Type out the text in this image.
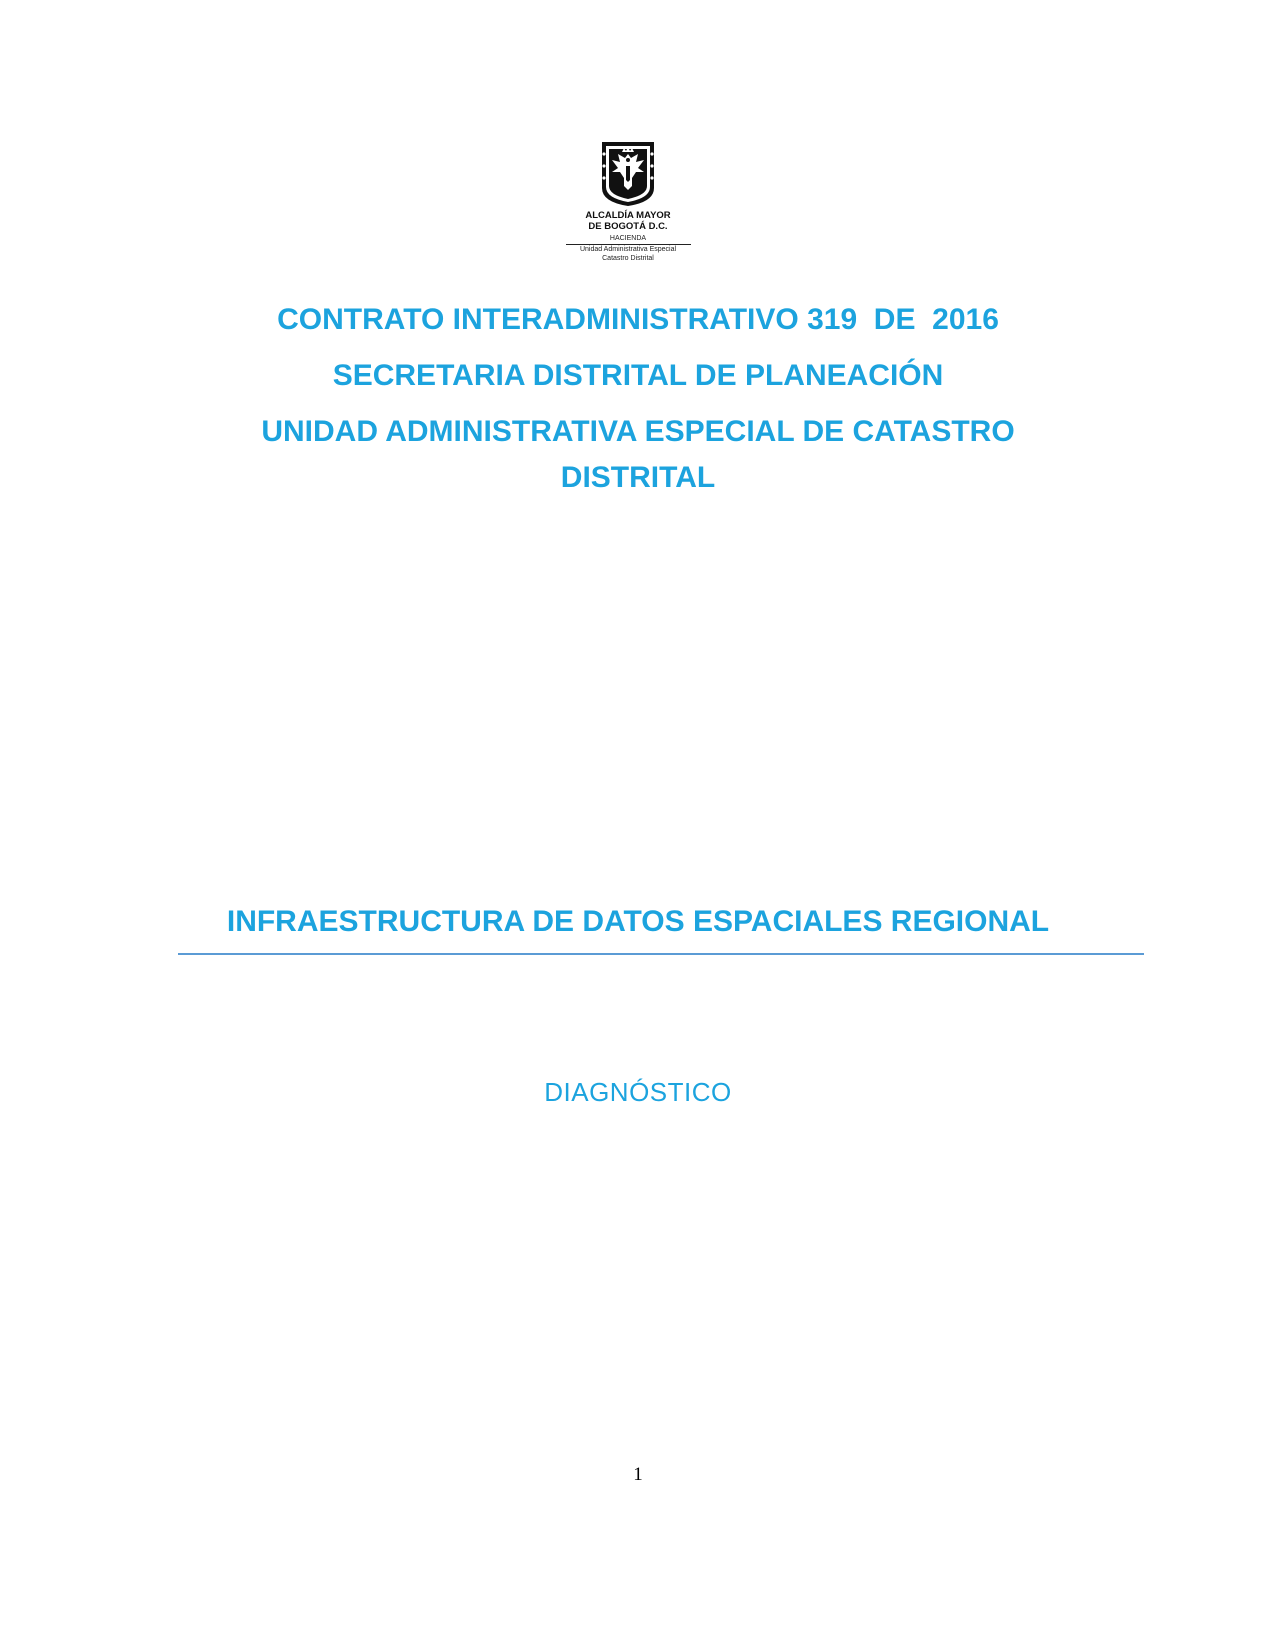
ALCALDÍA MAYOR
DE BOGOTÁ D.C.
HACIENDA
Unidad Administrativa Especial
Catastro Distrital
CONTRATO INTERADMINISTRATIVO 319  DE  2016
SECRETARIA DISTRITAL DE PLANEACIÓN
UNIDAD ADMINISTRATIVA ESPECIAL DE CATASTRO
DISTRITAL
INFRAESTRUCTURA DE DATOS ESPACIALES REGIONAL
DIAGNÓSTICO
1
